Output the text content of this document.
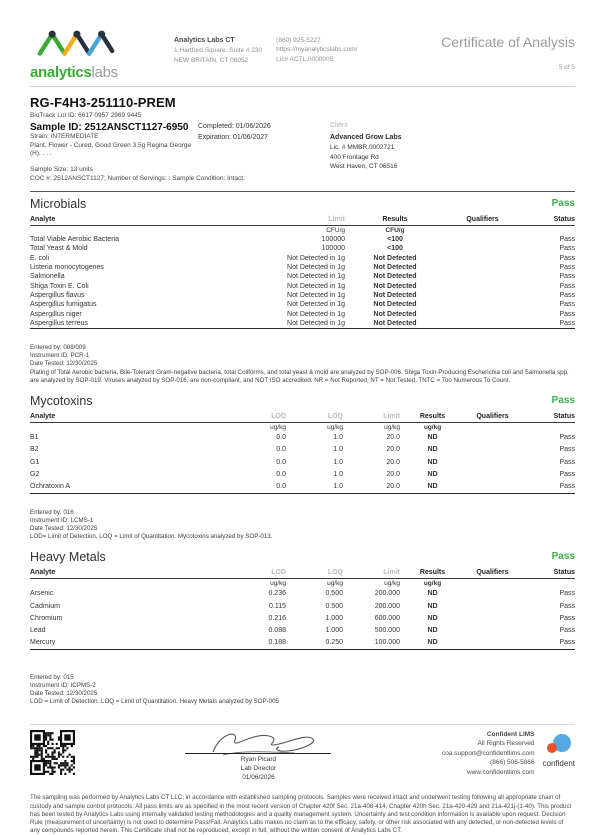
analyticslabs
Analytics Labs CT
1 Hartford Square, Suite # 230
NEW BRITAIN, CT 06052
(860) 925-5227
https://myanalyticslabs.com/
Lic# ACTL.0000005
Certificate of Analysis
5 of 5
RG-F4H3-251110-PREM
BioTrack Lot ID: 6617 0957 2969 9445
Sample ID: 2512ANSCT1127-6950
Strain: INTERMEDIATE
Plant, Flower - Cured, Good Green 3.5g Regina George (H), . . .
Completed: 01/06/2026
Expiration: 01/06/2027
Client
Advanced Grow Labs
Lic. # MMBR.0002721
400 Frontage Rd
West Haven, CT 06516
Sample Size: 13 units
COC #: 2512ANSCT1127; Number of Servings: : Sample Condition: Intact;
Microbials	Pass
Analyte	Limit	Results	Qualifiers	Status
	CFU/g	CFU/g		
Total Viable Aerobic Bacteria	100000	<100		Pass
Total Yeast & Mold	100000	<100		Pass
E. coli	Not Detected in 1g	Not Detected		Pass
Listeria monocytogenes	Not Detected in 1g	Not Detected		Pass
Salmonella	Not Detected in 1g	Not Detected		Pass
Shiga Toxin E. Coli	Not Detected in 1g	Not Detected		Pass
Aspergillus flavus	Not Detected in 1g	Not Detected		Pass
Aspergillus fumigatus	Not Detected in 1g	Not Detected		Pass
Aspergillus niger	Not Detected in 1g	Not Detected		Pass
Aspergillus terreus	Not Detected in 1g	Not Detected		Pass
Entered by: 008/009
Instrument ID: PCR-1
Date Tested: 12/30/2025
Plating of Total Aerobic bacteria, Bile-Tolerant Gram-negative bacteria, total Coliforms, and total yeast & mold are analyzed by SOP-006. Shiga Toxin-Producing Escherichia coli and Salmonella spp. are analyzed by SOP-019. Viruses analyzed by SOP-016, are non-compliant, and NOT ISO accredited. NR = Not Reported, NT = Not Tested, TNTC = Too Numerous To Count.
Mycotoxins	Pass
Analyte	LOD	LOQ	Limit	Results	Qualifiers	Status
	ug/kg	ug/kg	ug/kg	ug/kg		
B1	0.0	1.0	20.0	ND		Pass
B2	0.0	1.0	20.0	ND		Pass
G1	0.0	1.0	20.0	ND		Pass
G2	0.0	1.0	20.0	ND		Pass
Ochratoxin A	0.0	1.0	20.0	ND		Pass
Entered by: 016
Instrument ID: LCMS-1
Date Tested: 12/30/2025
LOD= Limit of Detection, LOQ = Limit of Quantitation. Mycotoxins analyzed by SOP-013.
Heavy Metals	Pass
Analyte	LOD	LOQ	Limit	Results	Qualifiers	Status
	ug/kg	ug/kg	ug/kg	ug/kg		
Arsenic	0.236	0.500	200.000	ND		Pass
Cadmium	0.115	0.500	200.000	ND		Pass
Chromium	0.216	1.000	600.000	ND		Pass
Lead	0.088	1.000	500.000	ND		Pass
Mercury	0.188	0.250	100.000	ND		Pass
Entered by: 015
Instrument ID: ICPMS-2
Date Tested: 12/30/2025
LOD = Limit of Detection. LOQ = Limit of Quantitation. Heavy Metals analyzed by SOP-005
Ryan Picard
Lab Director
01/06/2026
Confident LIMS
All Rights Reserved
coa.support@confidentlims.com
(866) 506-5866
www.confidentlims.com
confident
The sampling was performed by Analytics Labs CT LLC, in accordance with established sampling protocols. Samples were received intact and underwent testing following all appropriate chain of custody and sample control protocols. All pass limits are as specified in the most recent version of Chapter 420f Sec. 21a-408-414, Chapter 420h Sec. 21a-420-429 and 21a-421j-(1-40). This product has been tested by Analytics Labs using internally validated testing methodologies and a quality management system. Uncertainty and test condition information is available upon request. Decision Rule (measurement of uncertainty) is not used to determine Pass/Fail. Analytics Labs makes no claim as to the efficacy, safety, or other risk associated with any detected, or non-detected levels of any compounds reported herein. This Certificate shall not be reproduced, except in full, without the written consent of Analytics Labs CT.
